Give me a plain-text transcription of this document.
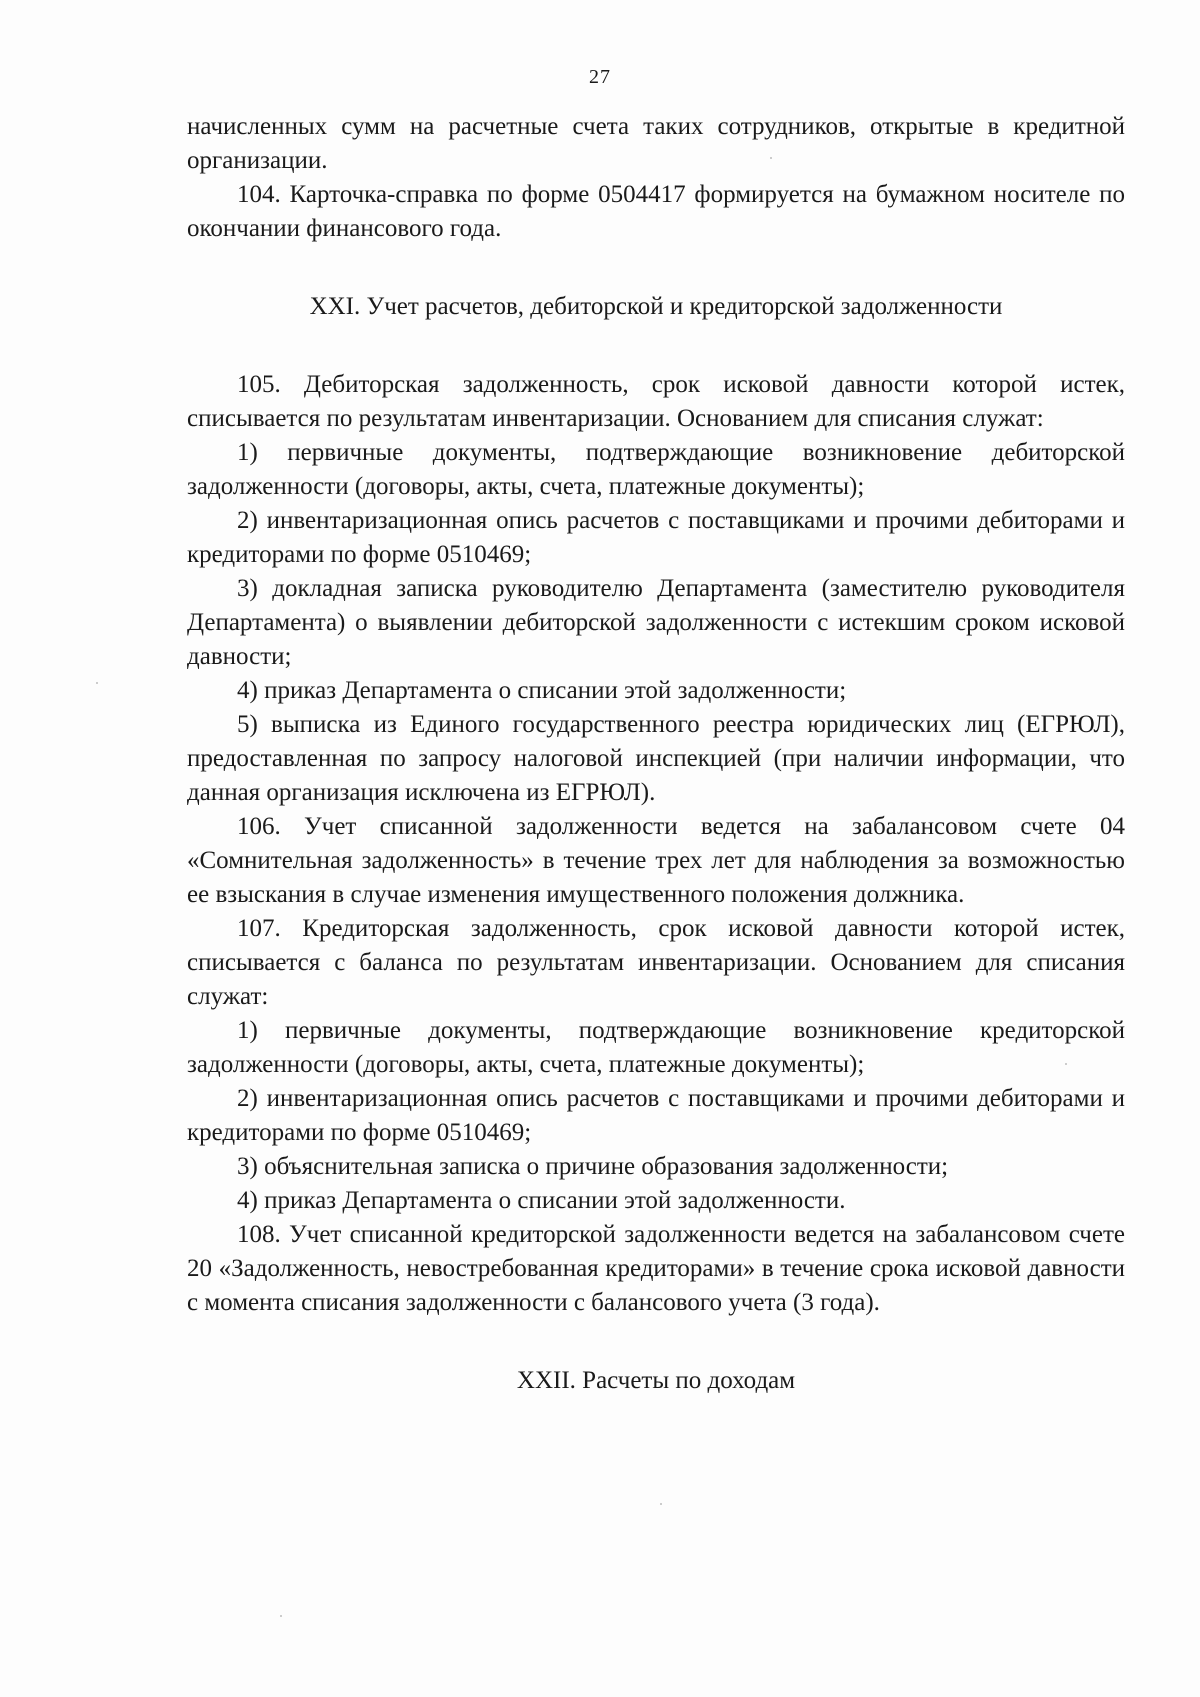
27

начисленных сумм на расчетные счета таких сотрудников, открытые в кредитной организации.

104. Карточка-справка по форме 0504417 формируется на бумажном носителе по окончании финансового года.

XXI. Учет расчетов, дебиторской и кредиторской задолженности

105. Дебиторская задолженность, срок исковой давности которой истек, списывается по результатам инвентаризации. Основанием для списания служат:

1) первичные документы, подтверждающие возникновение дебиторской задолженности (договоры, акты, счета, платежные документы);

2) инвентаризационная опись расчетов с поставщиками и прочими дебиторами и кредиторами по форме 0510469;

3) докладная записка руководителю Департамента (заместителю руководителя Департамента) о выявлении дебиторской задолженности с истекшим сроком исковой давности;

4) приказ Департамента о списании этой задолженности;

5) выписка из Единого государственного реестра юридических лиц (ЕГРЮЛ), предоставленная по запросу налоговой инспекцией (при наличии информации, что данная организация исключена из ЕГРЮЛ).

106. Учет списанной задолженности ведется на забалансовом счете 04 «Сомнительная задолженность» в течение трех лет для наблюдения за возможностью ее взыскания в случае изменения имущественного положения должника.

107. Кредиторская задолженность, срок исковой давности которой истек, списывается с баланса по результатам инвентаризации. Основанием для списания служат:

1) первичные документы, подтверждающие возникновение кредиторской задолженности (договоры, акты, счета, платежные документы);

2) инвентаризационная опись расчетов с поставщиками и прочими дебиторами и кредиторами по форме 0510469;

3) объяснительная записка о причине образования задолженности;

4) приказ Департамента о списании этой задолженности.

108. Учет списанной кредиторской задолженности ведется на забалансовом счете 20 «Задолженность, невостребованная кредиторами» в течение срока исковой давности с момента списания задолженности с балансового учета (3 года).

XXII. Расчеты по доходам
